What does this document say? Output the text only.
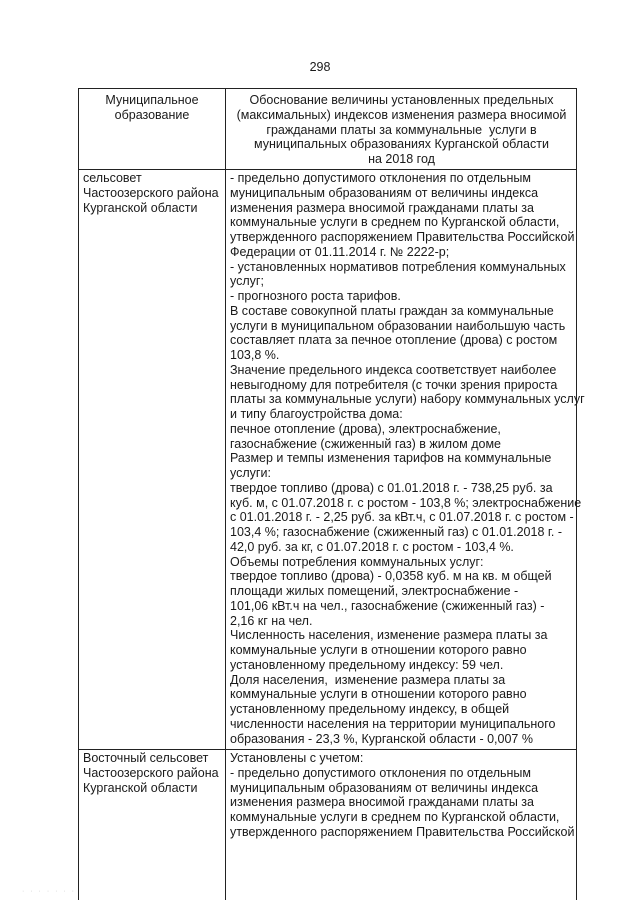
298
Муниципальное
образование
Обоснование величины установленных предельных
(максимальных) индексов изменения размера вносимой
гражданами платы за коммунальные  услуги в
муниципальных образованиях Курганской области
на 2018 год
сельсовет
Частоозерского района
Курганской области
- предельно допустимого отклонения по отдельным
муниципальным образованиям от величины индекса
изменения размера вносимой гражданами платы за
коммунальные услуги в среднем по Курганской области,
утвержденного распоряжением Правительства Российской
Федерации от 01.11.2014 г. № 2222-р;
- установленных нормативов потребления коммунальных
услуг;
- прогнозного роста тарифов.
В составе совокупной платы граждан за коммунальные
услуги в муниципальном образовании наибольшую часть
составляет плата за печное отопление (дрова) с ростом
103,8 %.
Значение предельного индекса соответствует наиболее
невыгодному для потребителя (с точки зрения прироста
платы за коммунальные услуги) набору коммунальных услуг
и типу благоустройства дома:
печное отопление (дрова), электроснабжение,
газоснабжение (сжиженный газ) в жилом доме
Размер и темпы изменения тарифов на коммунальные
услуги:
твердое топливо (дрова) с 01.01.2018 г. - 738,25 руб. за
куб. м, с 01.07.2018 г. с ростом - 103,8 %; электроснабжение
с 01.01.2018 г. - 2,25 руб. за кВт.ч, с 01.07.2018 г. с ростом -
103,4 %; газоснабжение (сжиженный газ) с 01.01.2018 г. -
42,0 руб. за кг, с 01.07.2018 г. с ростом - 103,4 %.
Объемы потребления коммунальных услуг:
твердое топливо (дрова) - 0,0358 куб. м на кв. м общей
площади жилых помещений, электроснабжение -
101,06 кВт.ч на чел., газоснабжение (сжиженный газ) -
2,16 кг на чел.
Численность населения, изменение размера платы за
коммунальные услуги в отношении которого равно
установленному предельному индексу: 59 чел.
Доля населения,  изменение размера платы за
коммунальные услуги в отношении которого равно
установленному предельному индексу, в общей
численности населения на территории муниципального
образования - 23,3 %, Курганской области - 0,007 %
Восточный сельсовет
Частоозерского района
Курганской области
Установлены с учетом:
- предельно допустимого отклонения по отдельным
муниципальным образованиям от величины индекса
изменения размера вносимой гражданами платы за
коммунальные услуги в среднем по Курганской области,
утвержденного распоряжением Правительства Российской
· · · · · · ·
